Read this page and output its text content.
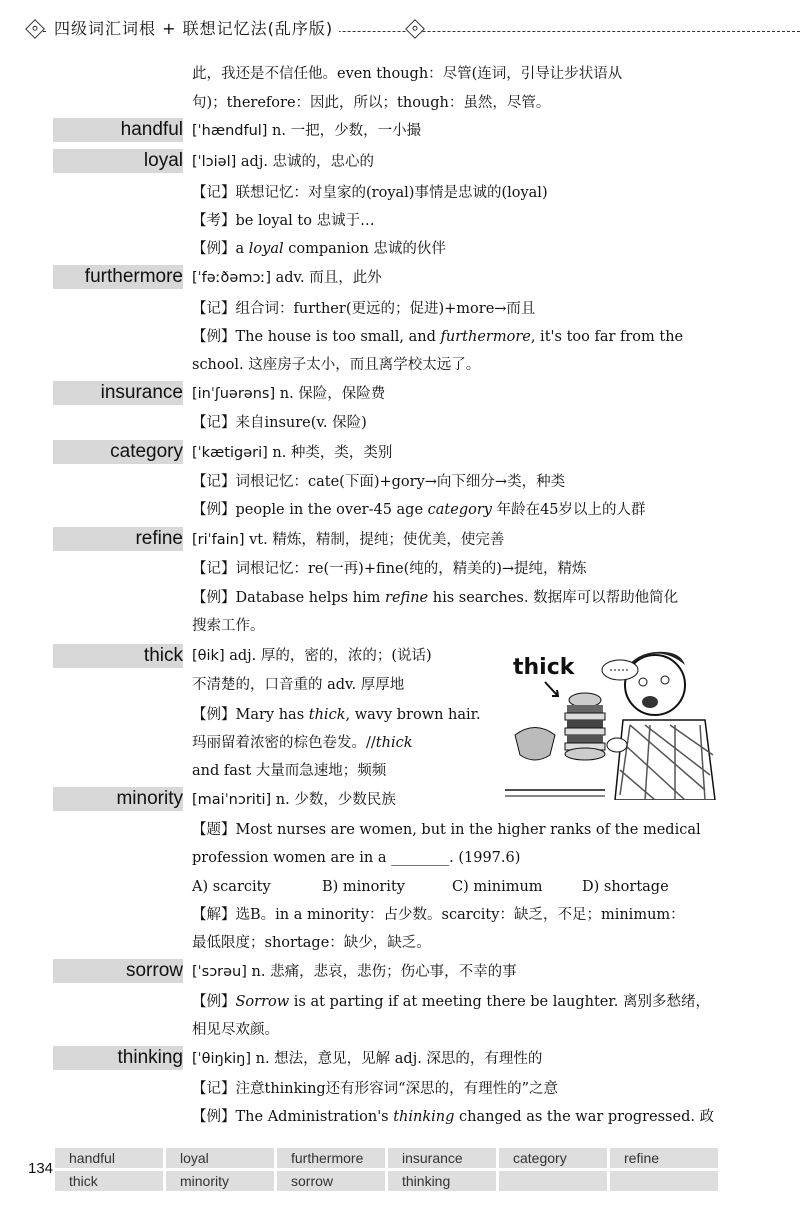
四级词汇词根 + 联想记忆法(乱序版)
此，我还是不信任他。even though：尽管(连词，引导让步状语从
句)；therefore：因此，所以；though：虽然，尽管。
handful [ˈhændful] n. 一把，少数，一小撮
loyal [ˈlɔiəl] adj. 忠诚的，忠心的
【记】联想记忆：对皇家的(royal)事情是忠诚的(loyal)
【考】be loyal to 忠诚于…
【例】a loyal companion 忠诚的伙伴
furthermore [ˈfəːðəmɔː] adv. 而且，此外
【记】组合词：further(更远的；促进)+more→而且
【例】The house is too small, and furthermore, it's too far from the
school. 这座房子太小，而且离学校太远了。
insurance [inˈʃuərəns] n. 保险，保险费
【记】来自insure(v. 保险)
category [ˈkætigəri] n. 种类，类，类别
【记】词根记忆：cate(下面)+gory→向下细分→类，种类
【例】people in the over-45 age category 年龄在45岁以上的人群
refine [riˈfain] vt. 精炼，精制，提纯；使优美，使完善
【记】词根记忆：re(一再)+fine(纯的，精美的)→提纯，精炼
【例】Database helps him refine his searches. 数据库可以帮助他简化
搜索工作。
thick [θik] adj. 厚的，密的，浓的；(说话)
不清楚的，口音重的 adv. 厚厚地
【例】Mary has thick, wavy brown hair.
玛丽留着浓密的棕色卷发。//thick
and fast 大量而急速地；频频
thick
minority [maiˈnɔriti] n. 少数，少数民族
【题】Most nurses are women, but in the higher ranks of the medical
profession women are in a ________. (1997.6)
A) scarcity	B) minority	C) minimum	D) shortage
【解】选B。in a minority：占少数。scarcity：缺乏，不足；minimum：
最低限度；shortage：缺少，缺乏。
sorrow [ˈsɔrəu] n. 悲痛，悲哀，悲伤；伤心事，不幸的事
【例】Sorrow is at parting if at meeting there be laughter. 离别多愁绪，
相见尽欢颜。
thinking [ˈθiŋkiŋ] n. 想法，意见，见解 adj. 深思的，有理性的
【记】注意thinking还有形容词“深思的，有理性的”之意
【例】The Administration's thinking changed as the war progressed. 政
134
handful	loyal	furthermore	insurance	category	refine
thick	minority	sorrow	thinking
